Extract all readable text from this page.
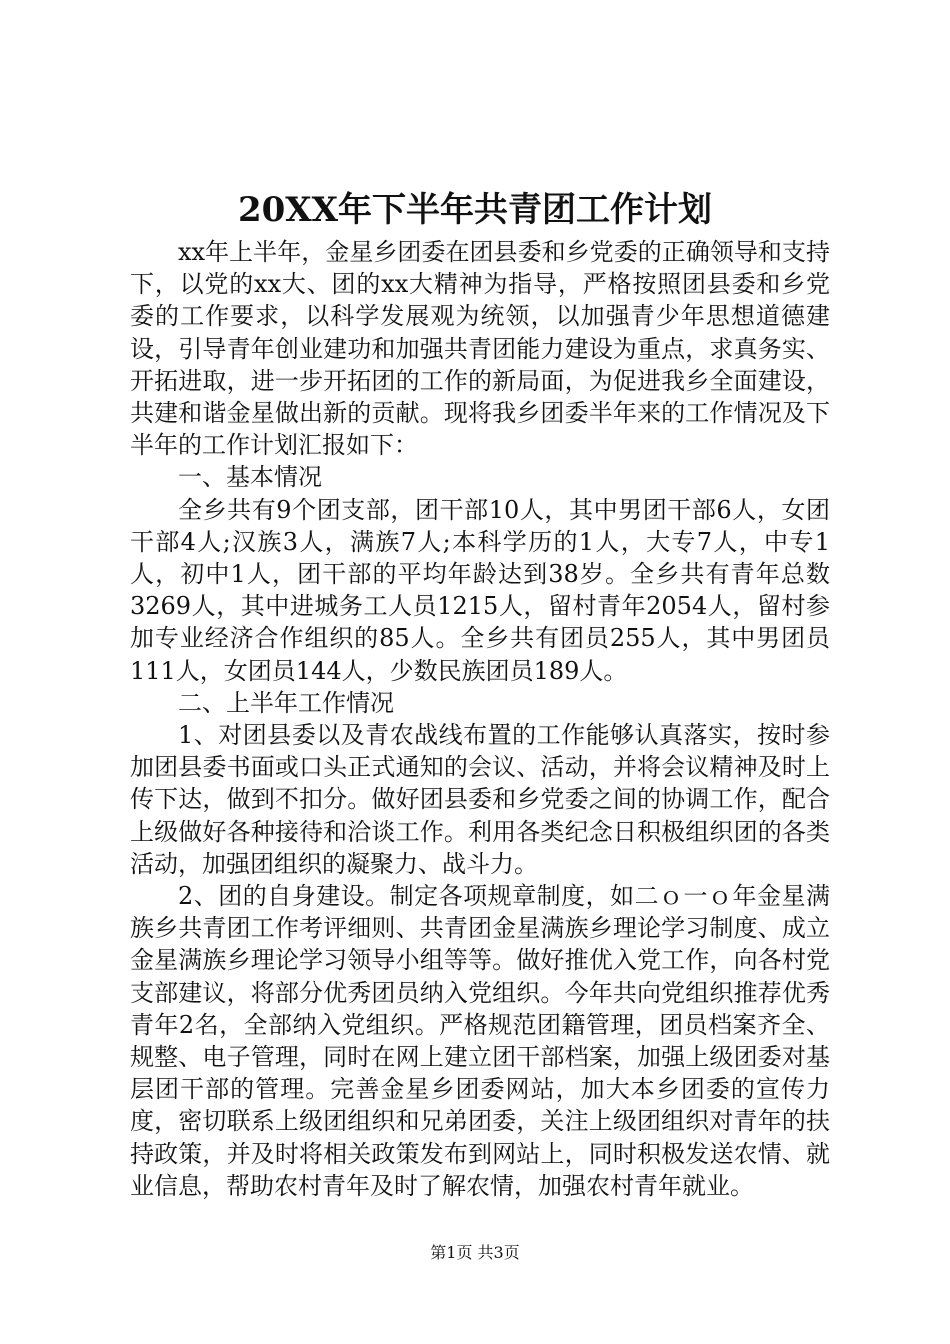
20XX年下半年共青团工作计划

xx年上半年，金星乡团委在团县委和乡党委的正确领导和支持下，以党的xx大、团的xx大精神为指导，严格按照团县委和乡党委的工作要求，以科学发展观为统领，以加强青少年思想道德建设，引导青年创业建功和加强共青团能力建设为重点，求真务实、开拓进取，进一步开拓团的工作的新局面，为促进我乡全面建设，共建和谐金星做出新的贡献。现将我乡团委半年来的工作情况及下半年的工作计划汇报如下：

一、基本情况

全乡共有9个团支部，团干部10人，其中男团干部6人，女团干部4人;汉族3人，满族7人;本科学历的1人，大专7人，中专1人，初中1人，团干部的平均年龄达到38岁。全乡共有青年总数3269人，其中进城务工人员1215人，留村青年2054人，留村参加专业经济合作组织的85人。全乡共有团员255人，其中男团员111人，女团员144人，少数民族团员189人。

二、上半年工作情况

1、对团县委以及青农战线布置的工作能够认真落实，按时参加团县委书面或口头正式通知的会议、活动，并将会议精神及时上传下达，做到不扣分。做好团县委和乡党委之间的协调工作，配合上级做好各种接待和洽谈工作。利用各类纪念日积极组织团的各类活动，加强团组织的凝聚力、战斗力。

2、团的自身建设。制定各项规章制度，如二ｏ一ｏ年金星满族乡共青团工作考评细则、共青团金星满族乡理论学习制度、成立金星满族乡理论学习领导小组等等。做好推优入党工作，向各村党支部建议，将部分优秀团员纳入党组织。今年共向党组织推荐优秀青年2名，全部纳入党组织。严格规范团籍管理，团员档案齐全、规整、电子管理，同时在网上建立团干部档案，加强上级团委对基层团干部的管理。完善金星乡团委网站，加大本乡团委的宣传力度，密切联系上级团组织和兄弟团委，关注上级团组织对青年的扶持政策，并及时将相关政策发布到网站上，同时积极发送农情、就业信息，帮助农村青年及时了解农情，加强农村青年就业。

第1页 共3页
